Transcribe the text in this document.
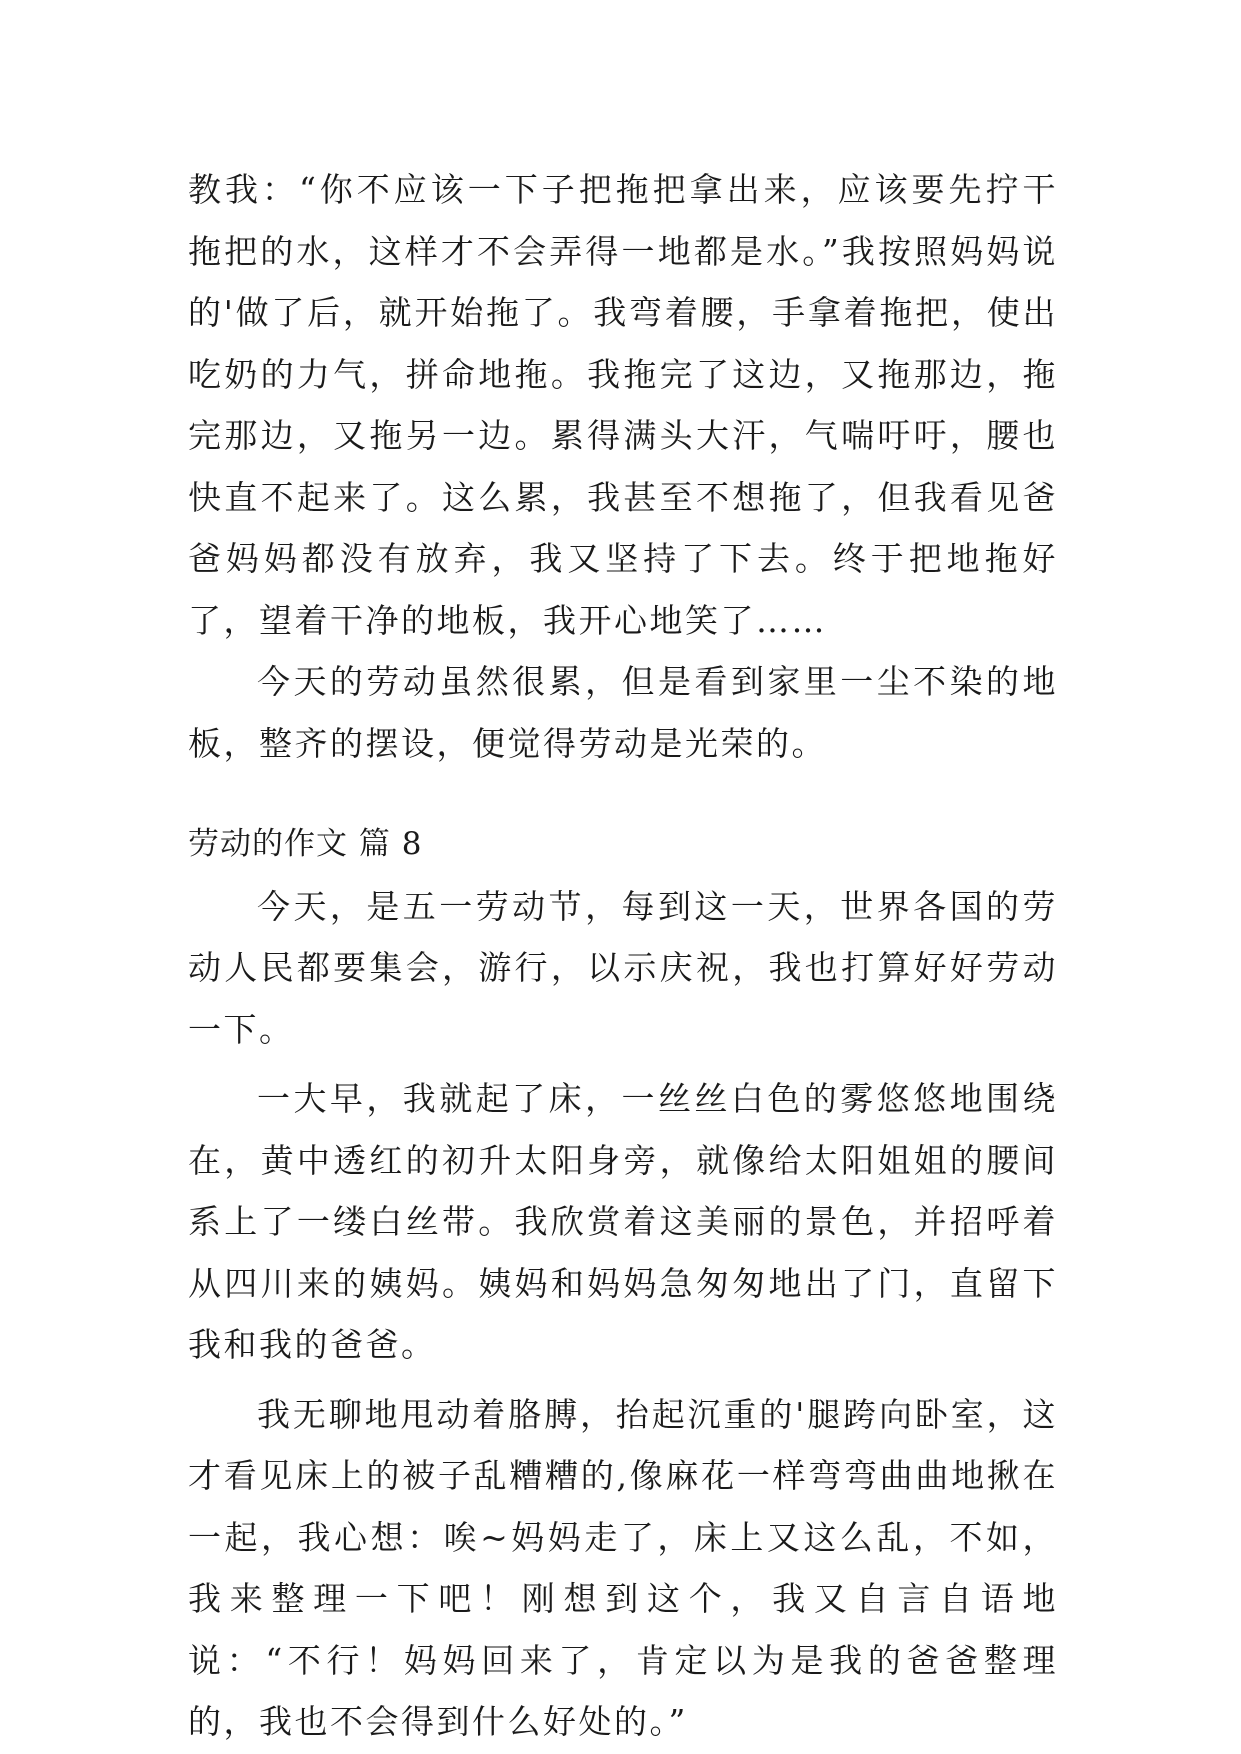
教我：“你不应该一下子把拖把拿出来，应该要先拧干拖把的水，这样才不会弄得一地都是水。”我按照妈妈说的'做了后，就开始拖了。我弯着腰，手拿着拖把，使出吃奶的力气，拼命地拖。我拖完了这边，又拖那边，拖完那边，又拖另一边。累得满头大汗，气喘吁吁，腰也快直不起来了。这么累，我甚至不想拖了，但我看见爸爸妈妈都没有放弃，我又坚持了下去。终于把地拖好了，望着干净的地板，我开心地笑了……

今天的劳动虽然很累，但是看到家里一尘不染的地板，整齐的摆设，便觉得劳动是光荣的。

劳动的作文 篇 8

今天，是五一劳动节，每到这一天，世界各国的劳动人民都要集会，游行，以示庆祝，我也打算好好劳动一下。

一大早，我就起了床，一丝丝白色的雾悠悠地围绕在，黄中透红的初升太阳身旁，就像给太阳姐姐的腰间系上了一缕白丝带。我欣赏着这美丽的景色，并招呼着从四川来的姨妈。姨妈和妈妈急匆匆地出了门，直留下我和我的爸爸。

我无聊地甩动着胳膊，抬起沉重的'腿跨向卧室，这才看见床上的被子乱糟糟的,像麻花一样弯弯曲曲地揪在一起，我心想：唉~妈妈走了，床上又这么乱，不如，我来整理一下吧！刚想到这个，我又自言自语地说：“不行！妈妈回来了，肯定以为是我的爸爸整理的，我也不会得到什么好处的。”
